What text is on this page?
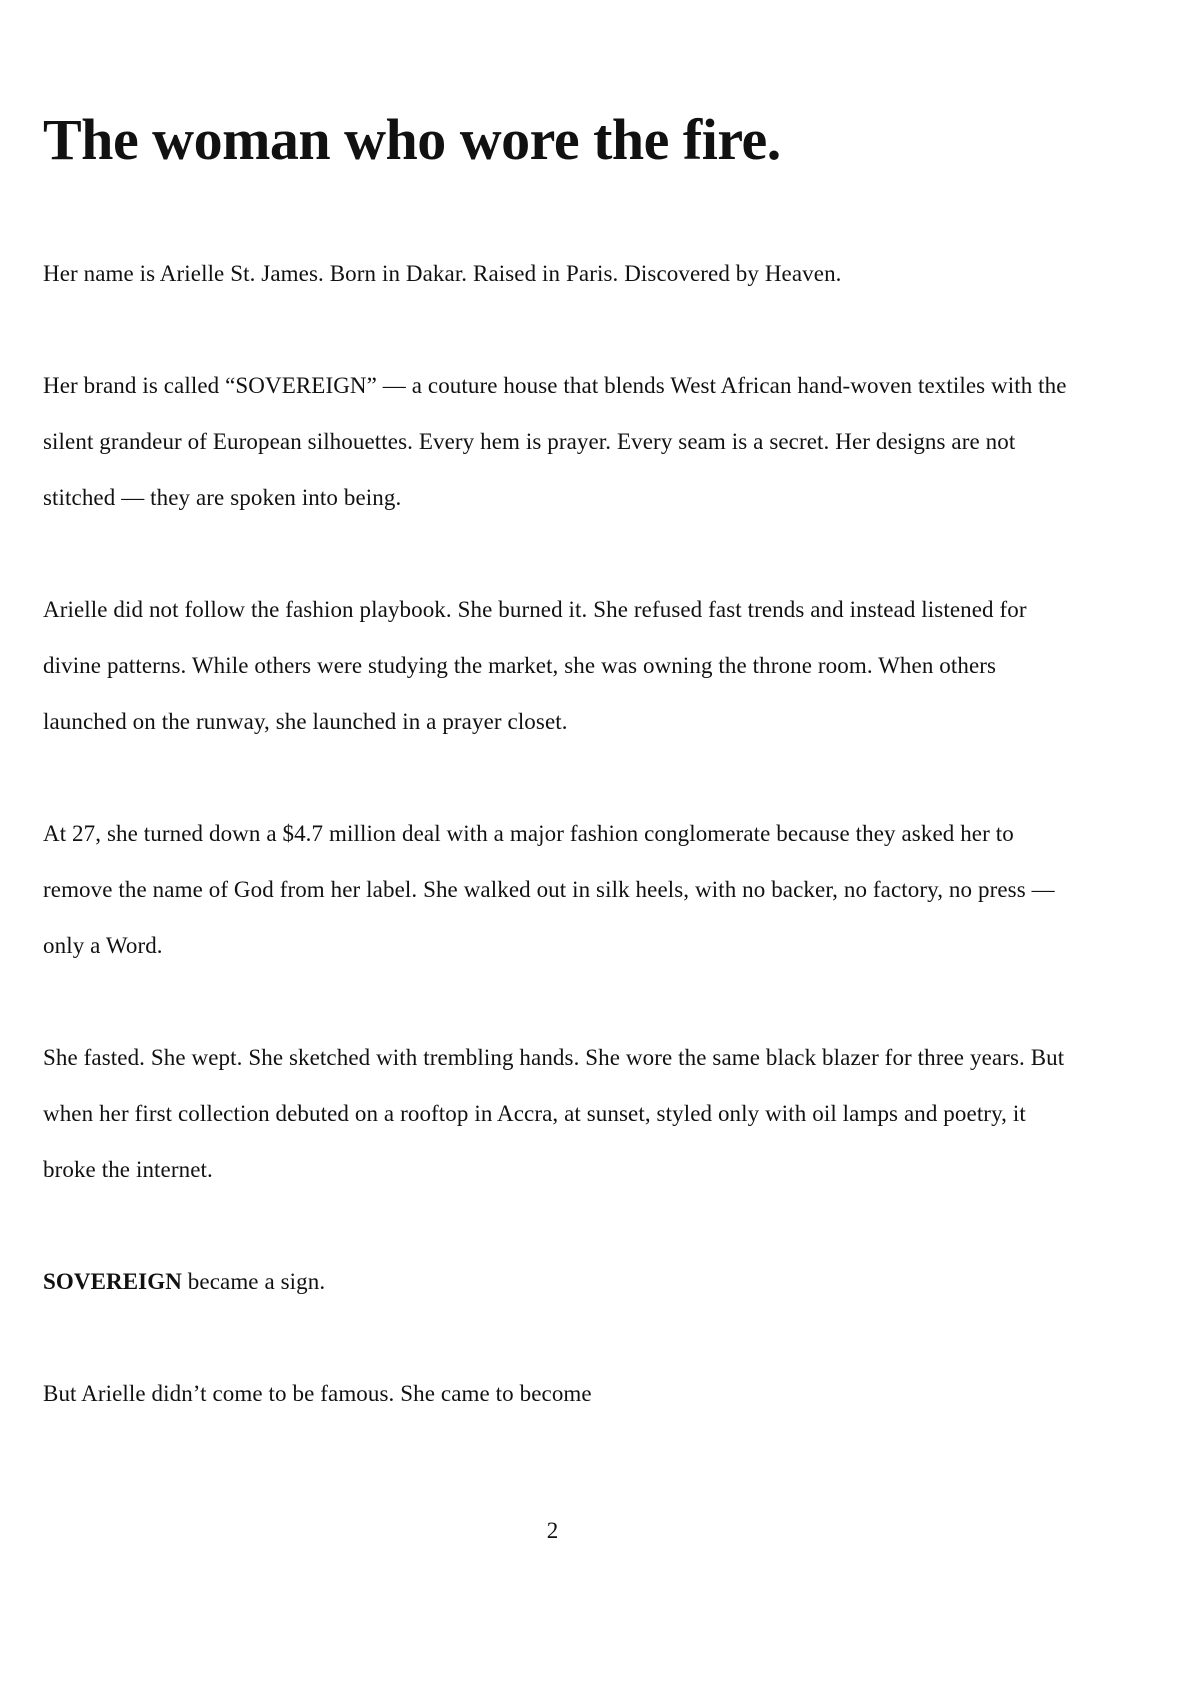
The woman who wore the fire.

Her name is Arielle St. James. Born in Dakar. Raised in Paris. Discovered by Heaven.

Her brand is called “SOVEREIGN” — a couture house that blends West African hand-woven textiles with the silent grandeur of European silhouettes. Every hem is prayer. Every seam is a secret. Her designs are not stitched — they are spoken into being.

Arielle did not follow the fashion playbook. She burned it. She refused fast trends and instead listened for divine patterns. While others were studying the market, she was owning the throne room. When others launched on the runway, she launched in a prayer closet.

At 27, she turned down a $4.7 million deal with a major fashion conglomerate because they asked her to remove the name of God from her label. She walked out in silk heels, with no backer, no factory, no press — only a Word.

She fasted. She wept. She sketched with trembling hands. She wore the same black blazer for three years. But when her first collection debuted on a rooftop in Accra, at sunset, styled only with oil lamps and poetry, it broke the internet.

SOVEREIGN became a sign.

But Arielle didn’t come to be famous. She came to become

2
